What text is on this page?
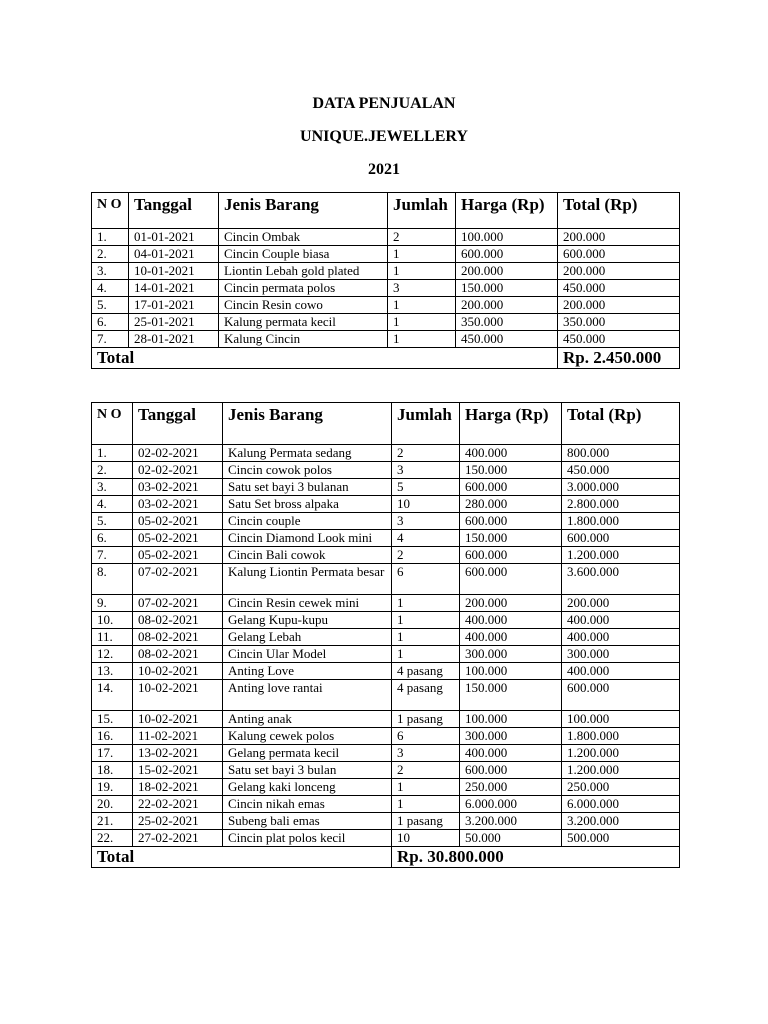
DATA PENJUALAN
UNIQUE.JEWELLERY
2021
N O	Tanggal	Jenis Barang	Jumlah	Harga (Rp)	Total (Rp)
1.	01-01-2021	Cincin Ombak	2	100.000	200.000
2.	04-01-2021	Cincin Couple biasa	1	600.000	600.000
3.	10-01-2021	Liontin Lebah gold plated	1	200.000	200.000
4.	14-01-2021	Cincin permata polos	3	150.000	450.000
5.	17-01-2021	Cincin Resin cowo	1	200.000	200.000
6.	25-01-2021	Kalung permata kecil	1	350.000	350.000
7.	28-01-2021	Kalung Cincin	1	450.000	450.000
Total					Rp. 2.450.000
N O	Tanggal	Jenis Barang	Jumlah	Harga (Rp)	Total (Rp)
1.	02-02-2021	Kalung Permata sedang	2	400.000	800.000
2.	02-02-2021	Cincin cowok polos	3	150.000	450.000
3.	03-02-2021	Satu set bayi 3 bulanan	5	600.000	3.000.000
4.	03-02-2021	Satu Set bross alpaka	10	280.000	2.800.000
5.	05-02-2021	Cincin couple	3	600.000	1.800.000
6.	05-02-2021	Cincin Diamond Look mini	4	150.000	600.000
7.	05-02-2021	Cincin Bali cowok	2	600.000	1.200.000
8.	07-02-2021	Kalung Liontin Permata besar	6	600.000	3.600.000
9.	07-02-2021	Cincin Resin cewek mini	1	200.000	200.000
10.	08-02-2021	Gelang Kupu-kupu	1	400.000	400.000
11.	08-02-2021	Gelang Lebah	1	400.000	400.000
12.	08-02-2021	Cincin Ular Model	1	300.000	300.000
13.	10-02-2021	Anting Love	4 pasang	100.000	400.000
14.	10-02-2021	Anting love rantai	4 pasang	150.000	600.000
15.	10-02-2021	Anting anak	1 pasang	100.000	100.000
16.	11-02-2021	Kalung cewek polos	6	300.000	1.800.000
17.	13-02-2021	Gelang permata kecil	3	400.000	1.200.000
18.	15-02-2021	Satu set bayi 3 bulan	2	600.000	1.200.000
19.	18-02-2021	Gelang kaki lonceng	1	250.000	250.000
20.	22-02-2021	Cincin nikah emas	1	6.000.000	6.000.000
21.	25-02-2021	Subeng bali emas	1 pasang	3.200.000	3.200.000
22.	27-02-2021	Cincin plat polos kecil	10	50.000	500.000
Total			Rp. 30.800.000		
